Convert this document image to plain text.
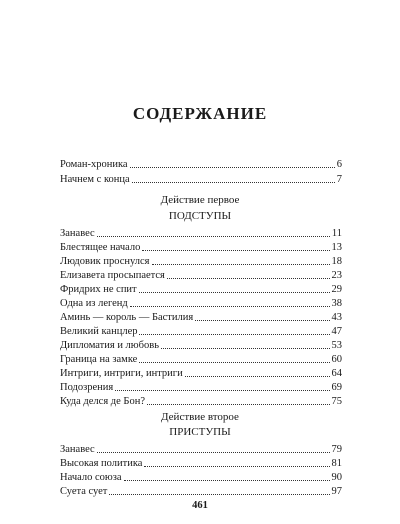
СОДЕРЖАНИЕ
Роман-хроника	6
Начнем с конца	7
Действие первое
ПОДСТУПЫ
Занавес	11
Блестящее начало	13
Людовик проснулся	18
Елизавета просыпается	23
Фридрих не спит	29
Одна из легенд	38
Аминь — король — Бастилия	43
Великий канцлер	47
Дипломатия и любовь	53
Граница на замке	60
Интриги, интриги, интриги	64
Подозрения	69
Куда делся де Бон?	75
Действие второе
ПРИСТУПЫ
Занавес	79
Высокая политика	81
Начало союза	90
Суета сует	97
461
